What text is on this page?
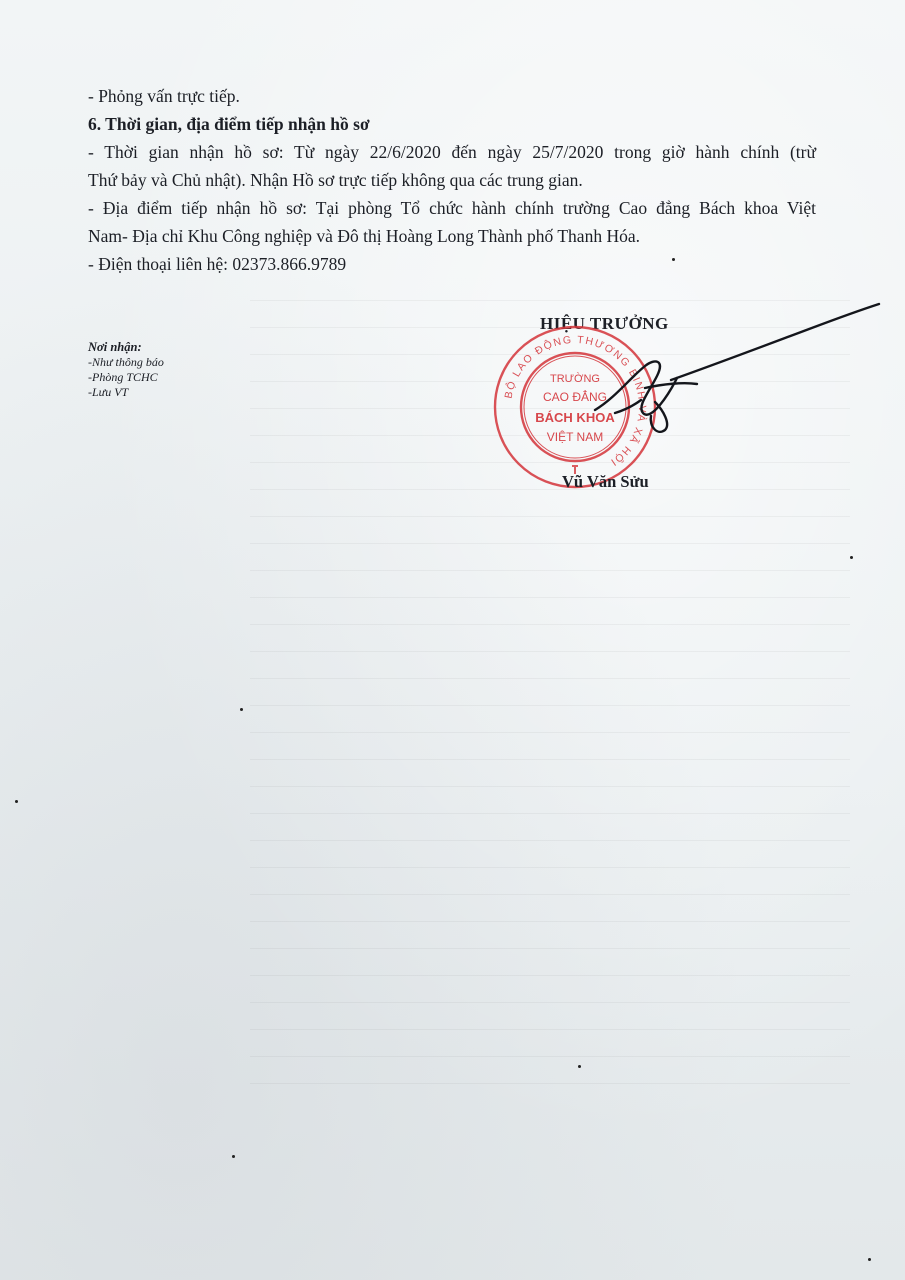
- Phỏng vấn trực tiếp.
6. Thời gian, địa điểm tiếp nhận hồ sơ
- Thời gian nhận hồ sơ: Từ ngày 22/6/2020 đến ngày 25/7/2020 trong giờ hành chính (trừ
Thứ bảy và Chủ nhật). Nhận Hồ sơ trực tiếp không qua các trung gian.
- Địa điểm tiếp nhận hồ sơ: Tại phòng Tổ chức hành chính trường Cao đẳng Bách khoa Việt
Nam- Địa chỉ Khu Công nghiệp và Đô thị Hoàng Long Thành phố Thanh Hóa.
- Điện thoại liên hệ: 02373.866.9789
HIỆU TRƯỞNG
Nơi nhận:
-Như thông báo
-Phòng TCHC
-Lưu VT	BỘ LAO ĐỘNG THƯƠNG BINH VÀ XÃ HỘI
TRƯỜNG
CAO ĐẲNG
BÁCH KHOA
VIỆT NAM
Vũ Văn Sửu
